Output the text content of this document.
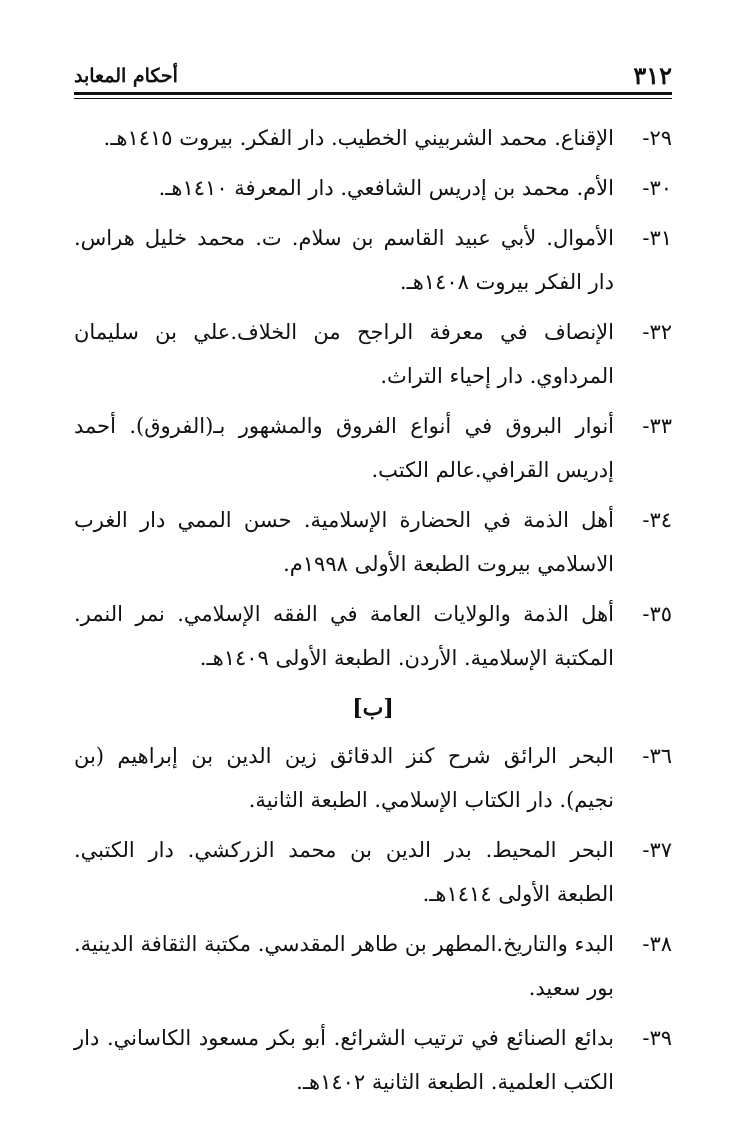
٣١٢
أحكام المعابد
٢٩-
الإقناع. محمد الشربيني الخطيب. دار الفكر. بيروت ١٤١٥هـ.
٣٠-
الأم. محمد بن إدريس الشافعي. دار المعرفة ١٤١٠هـ.
٣١-
الأموال. لأبي عبيد القاسم بن سلام. ت. محمد خليل هراس. دار الفكر بيروت ١٤٠٨هـ.
٣٢-
الإنصاف في معرفة الراجح من الخلاف.علي بن سليمان المرداوي. دار إحياء التراث.
٣٣-
أنوار البروق في أنواع الفروق والمشهور بـ(الفروق). أحمد إدريس القرافي.عالم الكتب.
٣٤-
أهل الذمة في الحضارة الإسلامية. حسن الممي دار الغرب الاسلامي بيروت الطبعة الأولى ١٩٩٨م.
٣٥-
أهل الذمة والولايات العامة في الفقه الإسلامي. نمر النمر. المكتبة الإسلامية. الأردن. الطبعة الأولى ١٤٠٩هـ.
[ب]
٣٦-
البحر الرائق شرح كنز الدقائق زين الدين بن إبراهيم (بن نجيم). دار الكتاب الإسلامي. الطبعة الثانية.
٣٧-
البحر المحيط. بدر الدين بن محمد الزركشي. دار الكتبي. الطبعة الأولى ١٤١٤هـ.
٣٨-
البدء والتاريخ.المطهر بن طاهر المقدسي. مكتبة الثقافة الدينية. بور سعيد.
٣٩-
بدائع الصنائع في ترتيب الشرائع. أبو بكر مسعود الكاساني. دار الكتب العلمية. الطبعة الثانية ١٤٠٢هـ.
